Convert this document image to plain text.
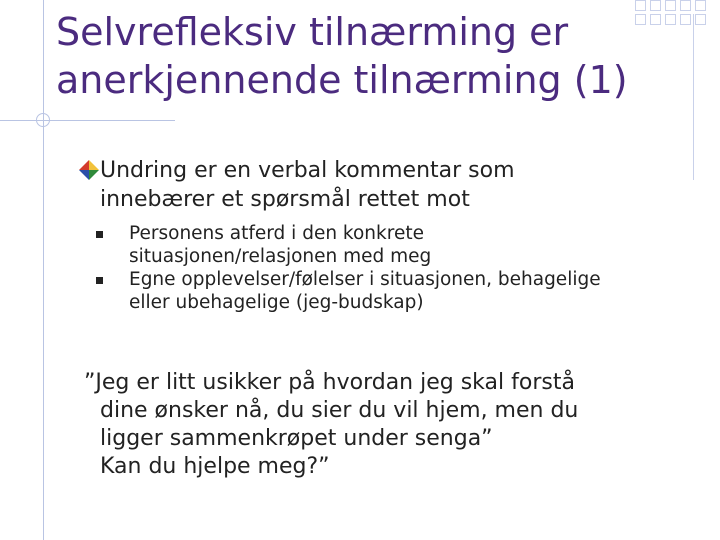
Selvrefleksiv tilnærming er
anerkjennende tilnærming (1)
Undring er en verbal kommentar som
innebærer et spørsmål rettet mot
Personens atferd i den konkrete
situasjonen/relasjonen med meg
Egne opplevelser/følelser i situasjonen, behagelige
eller ubehagelige (jeg-budskap)
”Jeg er litt usikker på hvordan jeg skal forstå
dine ønsker nå, du sier du vil hjem, men du
ligger sammenkrøpet under senga”
Kan du hjelpe meg?”
